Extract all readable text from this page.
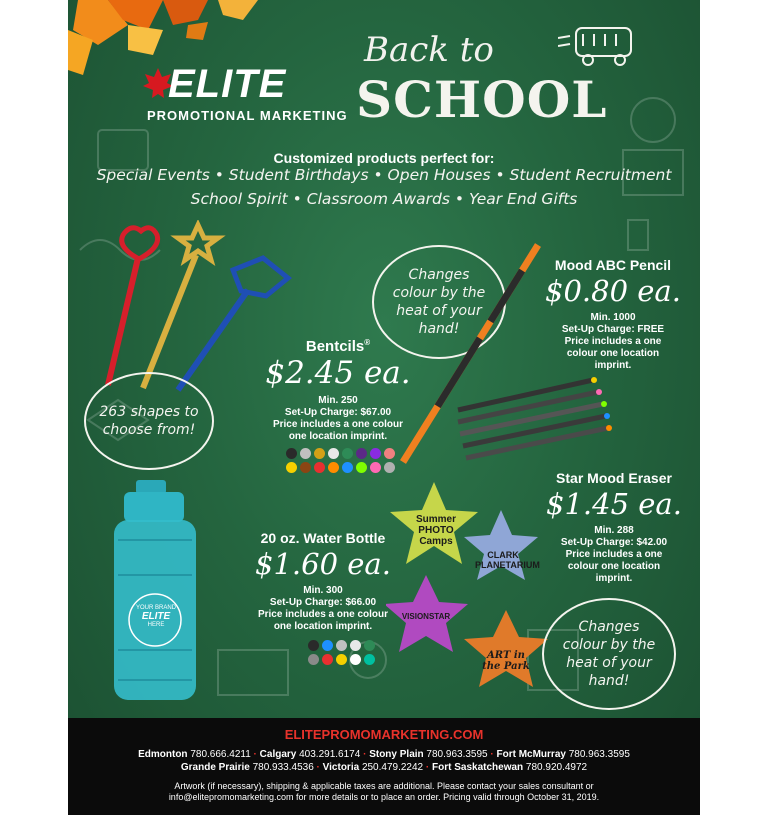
ELITE
PROMOTIONAL MARKETING
Back to
SCHOOL
Customized products perfect for:
Special Events • Student Birthdays • Open Houses • Student Recruitment
School Spirit • Classroom Awards • Year End Gifts
263 shapes to choose from!
Bentcils®
$2.45 ea.
Min. 250
Set-Up Charge: $67.00
Price includes a one colour
one location imprint.
Changes colour by the heat of your hand!
Mood ABC Pencil
$0.80 ea.
Min. 1000
Set-Up Charge: FREE
Price includes a one
colour one location
imprint.
YOUR BRAND
ELITE
HERE
20 oz. Water Bottle
$1.60 ea.
Min. 300
Set-Up Charge: $66.00
Price includes a one colour
one location imprint.
Summer PHOTO Camps
CLARK PLANETARIUM
VISIONSTAR
ART in the Park
Star Mood Eraser
$1.45 ea.
Min. 288
Set-Up Charge: $42.00
Price includes a one
colour one location
imprint.
Changes colour by the heat of your hand!
ELITEPROMOMARKETING.COM
Edmonton 780.666.4211 · Calgary 403.291.6174 · Stony Plain 780.963.3595 · Fort McMurray 780.963.3595
Grande Prairie 780.933.4536 · Victoria 250.479.2242 · Fort Saskatchewan 780.920.4972
Artwork (if necessary), shipping & applicable taxes are additional. Please contact your sales consultant or
info@elitepromomarketing.com for more details or to place an order. Pricing valid through October 31, 2019.
